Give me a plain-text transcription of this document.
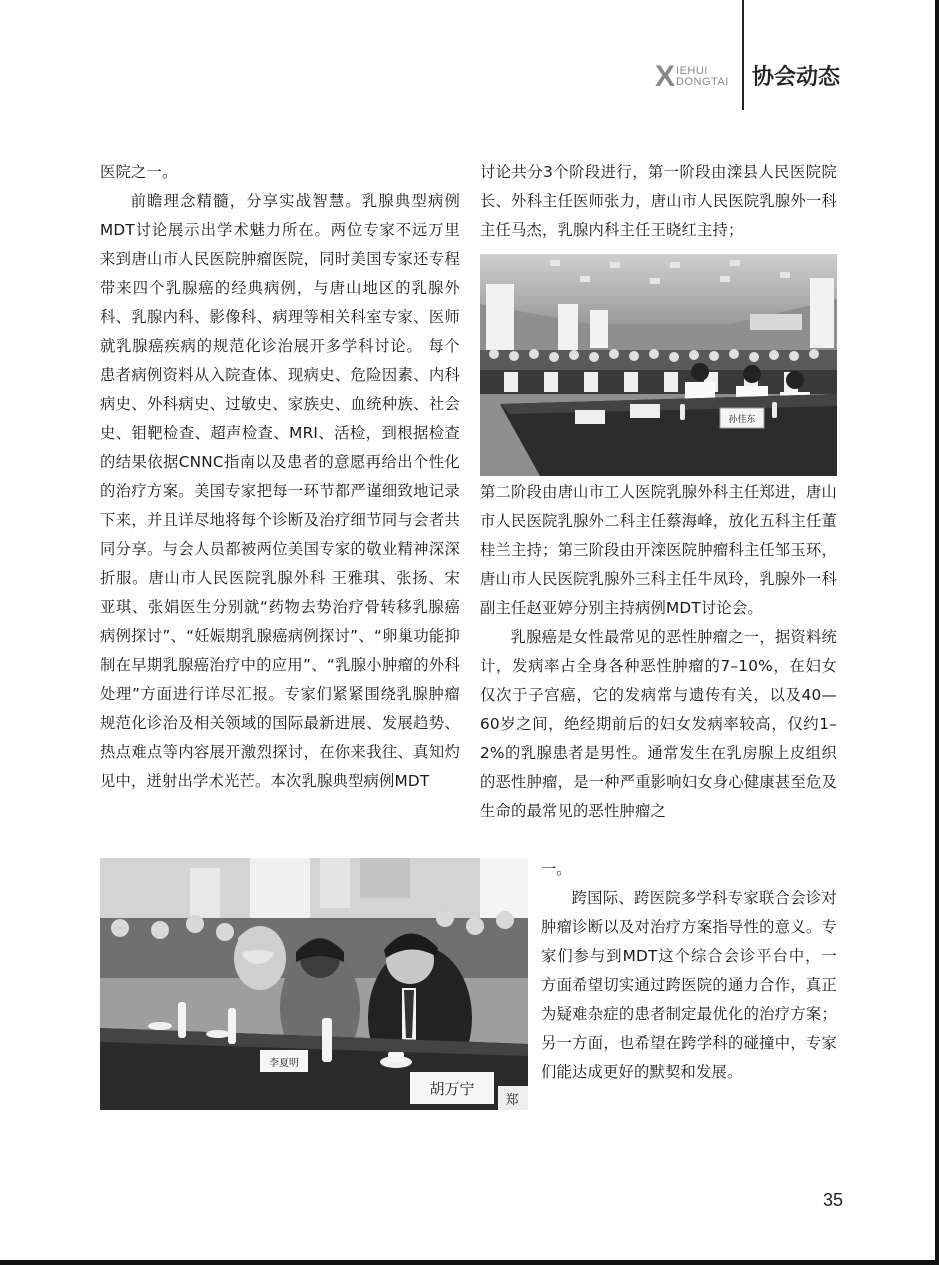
X IEHUI
DONGTAI 协会动态

医院之一。

前瞻理念精髓，分享实战智慧。乳腺典型病例MDT讨论展示出学术魅力所在。两位专家不远万里来到唐山市人民医院肿瘤医院，同时美国专家还专程带来四个乳腺癌的经典病例，与唐山地区的乳腺外科、乳腺内科、影像科、病理等相关科室专家、医师就乳腺癌疾病的规范化诊治展开多学科讨论。 每个患者病例资料从入院查体、现病史、危险因素、内科病史、外科病史、过敏史、家族史、血统种族、社会史、钼靶检查、超声检查、MRI、活检，到根据检查的结果依据CNNC指南以及患者的意愿再给出个性化的治疗方案。美国专家把每一环节都严谨细致地记录下来，并且详尽地将每个诊断及治疗细节同与会者共同分享。与会人员都被两位美国专家的敬业精神深深折服。唐山市人民医院乳腺外科 王雅琪、张扬、宋亚琪、张娟医生分别就“药物去势治疗骨转移乳腺癌病例探讨”、“妊娠期乳腺癌病例探讨”、“卵巢功能抑制在早期乳腺癌治疗中的应用”、“乳腺小肿瘤的外科处理”方面进行详尽汇报。专家们紧紧围绕乳腺肿瘤规范化诊治及相关领域的国际最新进展、发展趋势、热点难点等内容展开激烈探讨，在你来我往、真知灼见中，迸射出学术光芒。本次乳腺典型病例MDT

讨论共分3个阶段进行，第一阶段由滦县人民医院院长、外科主任医师张力，唐山市人民医院乳腺外一科主任马杰，乳腺内科主任王晓红主持；

孙佳东

第二阶段由唐山市工人医院乳腺外科主任郑进，唐山市人民医院乳腺外二科主任蔡海峰，放化五科主任董桂兰主持；第三阶段由开滦医院肿瘤科主任邹玉环，唐山市人民医院乳腺外三科主任牛凤玲，乳腺外一科副主任赵亚婷分别主持病例MDT讨论会。

乳腺癌是女性最常见的恶性肿瘤之一，据资料统计，发病率占全身各种恶性肿瘤的7–10%，在妇女仅次于子宫癌，它的发病常与遗传有关，以及40—60岁之间，绝经期前后的妇女发病率较高，仅约1–2%的乳腺患者是男性。通常发生在乳房腺上皮组织的恶性肿瘤，是一种严重影响妇女身心健康甚至危及生命的最常见的恶性肿瘤之

一。

跨国际、跨医院多学科专家联合会诊对肿瘤诊断以及对治疗方案指导性的意义。专家们参与到MDT这个综合会诊平台中，一方面希望切实通过跨医院的通力合作，真正为疑难杂症的患者制定最优化的治疗方案；另一方面，也希望在跨学科的碰撞中，专家们能达成更好的默契和发展。

李夏明
胡万宁
郑
35
